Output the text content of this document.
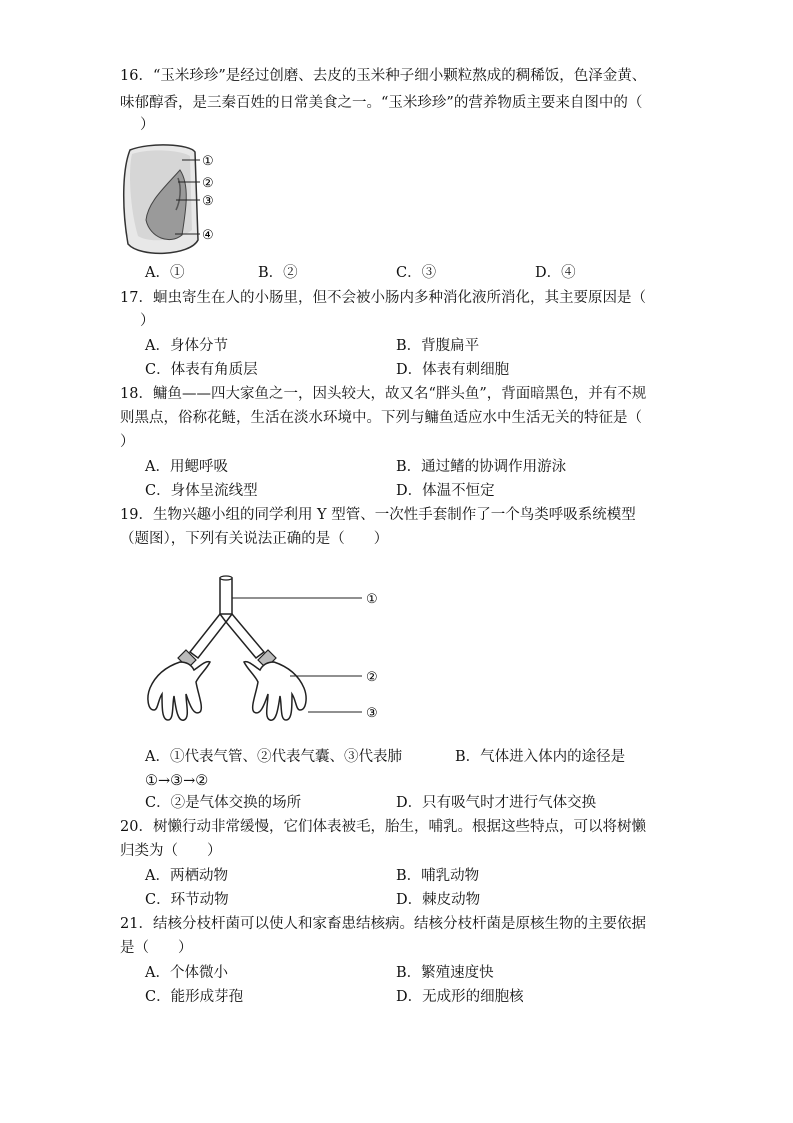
16．“玉米珍珍”是经过创磨、去皮的玉米种子细小颗粒熬成的稠稀饭，色泽金黄、
味郁醇香，是三秦百姓的日常美食之一。“玉米珍珍”的营养物质主要来自图中的（
）
①
②
③
④
A．①	B．②	C．③	D．④
17．蛔虫寄生在人的小肠里，但不会被小肠内多种消化液所消化，其主要原因是（
）
A．身体分节	B．背腹扁平
C．体表有角质层	D．体表有刺细胞
18．鳙鱼——四大家鱼之一，因头较大，故又名“胖头鱼”，背面暗黑色，并有不规
则黑点，俗称花鲢，生活在淡水环境中。下列与鳙鱼适应水中生活无关的特征是（
）
A．用鳃呼吸	B．通过鳍的协调作用游泳
C．身体呈流线型	D．体温不恒定
19．生物兴趣小组的同学利用 Y 型管、一次性手套制作了一个鸟类呼吸系统模型
（题图），下列有关说法正确的是（　　）
①
②
③
A．①代表气管、②代表气囊、③代表肺	B．气体进入体内的途径是
①→③→②
C．②是气体交换的场所	D．只有吸气时才进行气体交换
20．树懒行动非常缓慢，它们体表被毛，胎生，哺乳。根据这些特点，可以将树懒
归类为（　　）
A．两栖动物	B．哺乳动物
C．环节动物	D．棘皮动物
21．结核分枝杆菌可以使人和家畜患结核病。结核分枝杆菌是原核生物的主要依据
是（　　）
A．个体微小	B．繁殖速度快
C．能形成芽孢	D．无成形的细胞核
